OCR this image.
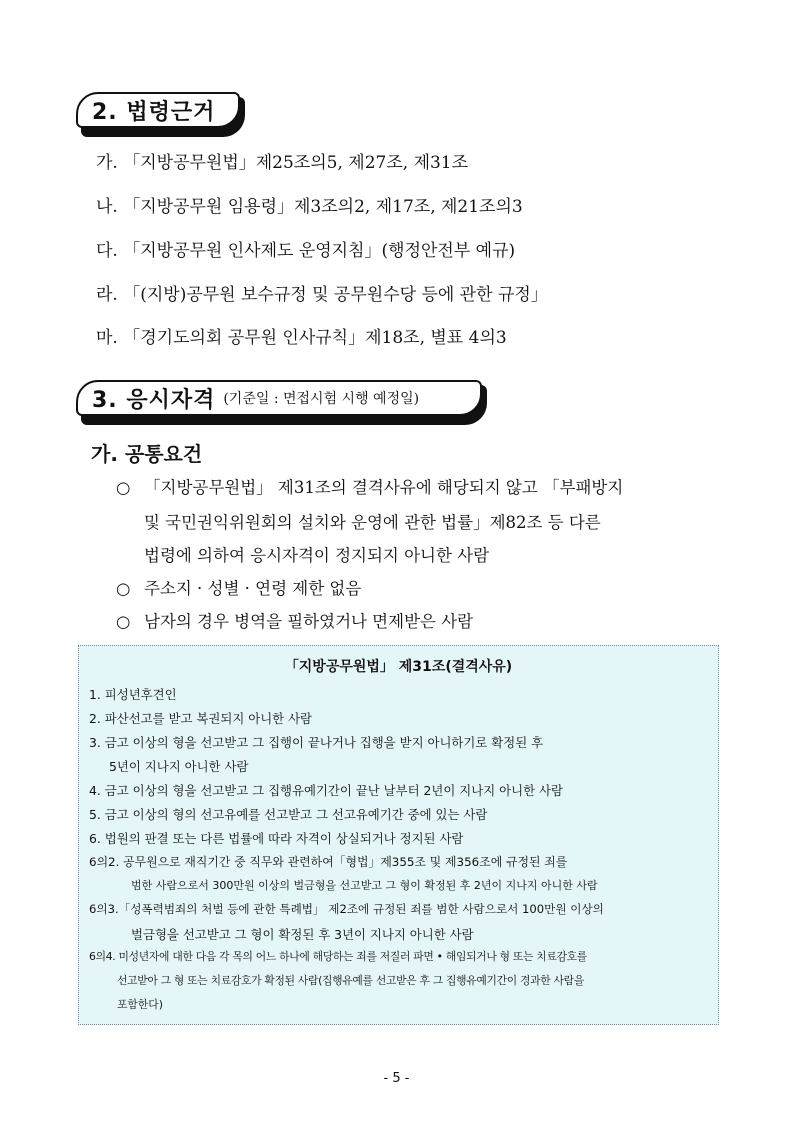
2. 법령근거
가. 「지방공무원법」제25조의5, 제27조, 제31조
나. 「지방공무원 임용령」제3조의2, 제17조, 제21조의3
다. 「지방공무원 인사제도 운영지침」(행정안전부 예규)
라. 「(지방)공무원 보수규정 및 공무원수당 등에 관한 규정」
마. 「경기도의회 공무원 인사규칙」제18조, 별표 4의3
3. 응시자격 (기준일 : 면접시험 시행 예정일)
가. 공통요건
○ 「지방공무원법」 제31조의 결격사유에 해당되지 않고 「부패방지
및 국민권익위원회의 설치와 운영에 관한 법률」제82조 등 다른
법령에 의하여 응시자격이 정지되지 아니한 사람
○ 주소지 · 성별 · 연령 제한 없음
○ 남자의 경우 병역을 필하였거나 면제받은 사람
「지방공무원법」 제31조(결격사유)
1. 피성년후견인
2. 파산선고를 받고 복권되지 아니한 사람
3. 금고 이상의 형을 선고받고 그 집행이 끝나거나 집행을 받지 아니하기로 확정된 후
5년이 지나지 아니한 사람
4. 금고 이상의 형을 선고받고 그 집행유예기간이 끝난 날부터 2년이 지나지 아니한 사람
5. 금고 이상의 형의 선고유예를 선고받고 그 선고유예기간 중에 있는 사람
6. 법원의 판결 또는 다른 법률에 따라 자격이 상실되거나 정지된 사람
6의2. 공무원으로 재직기간 중 직무와 관련하여「형법」제355조 및 제356조에 규정된 죄를
범한 사람으로서 300만원 이상의 벌금형을 선고받고 그 형이 확정된 후 2년이 지나지 아니한 사람
6의3.「성폭력범죄의 처벌 등에 관한 특례법」 제2조에 규정된 죄를 범한 사람으로서 100만원 이상의
벌금형을 선고받고 그 형이 확정된 후 3년이 지나지 아니한 사람
6의4. 미성년자에 대한 다음 각 목의 어느 하나에 해당하는 죄를 저질러 파면 • 해임되거나 형 또는 치료감호를
선고받아 그 형 또는 치료감호가 확정된 사람(집행유예를 선고받은 후 그 집행유예기간이 경과한 사람을
포함한다)
- 5 -
